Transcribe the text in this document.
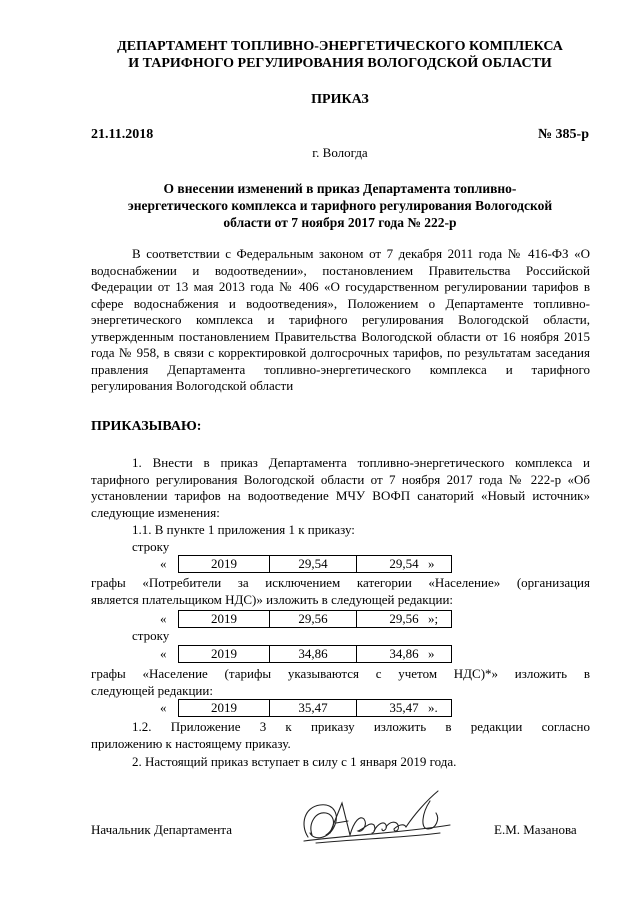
ДЕПАРТАМЕНТ ТОПЛИВНО-ЭНЕРГЕТИЧЕСКОГО КОМПЛЕКСА
И ТАРИФНОГО РЕГУЛИРОВАНИЯ ВОЛОГОДСКОЙ ОБЛАСТИ
ПРИКАЗ
21.11.2018	№ 385-р
г. Вологда
О внесении изменений в приказ Департамента топливно-
энергетического комплекса и тарифного регулирования Вологодской
области от 7 ноября 2017 года № 222-р

В соответствии с Федеральным законом от 7 декабря 2011 года № 416-ФЗ «О водоснабжении и водоотведении», постановлением Правительства Российской Федерации от 13 мая 2013 года № 406 «О государственном регулировании тарифов в сфере водоснабжения и водоотведения», Положением о Департаменте топливно-энергетического комплекса и тарифного регулирования Вологодской области, утвержденным постановлением Правительства Вологодской области от 16 ноября 2015 года № 958, в связи с корректировкой долгосрочных тарифов, по результатам заседания правления Департамента топливно-энергетического комплекса и тарифного регулирования Вологодской области

ПРИКАЗЫВАЮ:

1. Внести в приказ Департамента топливно-энергетического комплекса и тарифного регулирования Вологодской области от 7 ноября 2017 года № 222-р «Об установлении тарифов на водоотведение МЧУ ВОФП санаторий «Новый источник» следующие изменения:

1.1. В пункте 1 приложения 1 к приказу:
строку
«	2019	29,54	29,54 »
графы «Потребители за исключением категории «Население» (организация
является плательщиком НДС)» изложить в следующей редакции:
«	2019	29,56	29,56 »;
строку
«	2019	34,86	34,86 »
графы «Население (тарифы указываются с учетом НДС)*» изложить в
следующей редакции:
«	2019	35,47	35,47 ».
1.2. Приложение 3 к приказу изложить в редакции согласно
приложению к настоящему приказу.
2. Настоящий приказ вступает в силу с 1 января 2019 года.
Начальник Департамента	Е.М. Мазанова
